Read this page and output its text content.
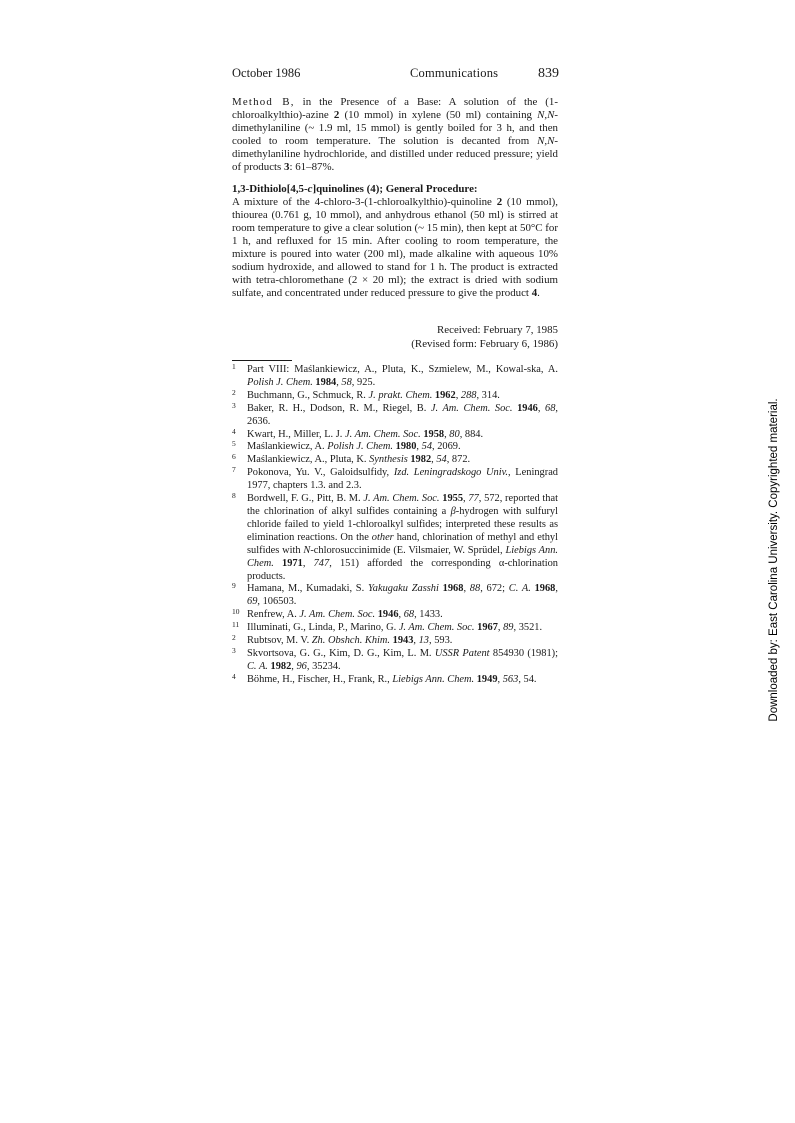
October 1986	Communications	839
Method B, in the Presence of a Base: A solution of the (1-chloroalkylthio)-azine 2 (10 mmol) in xylene (50 ml) containing N,N-dimethylaniline (~ 1.9 ml, 15 mmol) is gently boiled for 3 h, and then cooled to room temperature. The solution is decanted from N,N-dimethylaniline hydrochloride, and distilled under reduced pressure; yield of products 3: 61–87%.
1,3-Dithiolo[4,5-c]quinolines (4); General Procedure:
A mixture of the 4-chloro-3-(1-chloroalkylthio)-quinoline 2 (10 mmol), thiourea (0.761 g, 10 mmol), and anhydrous ethanol (50 ml) is stirred at room temperature to give a clear solution (~ 15 min), then kept at 50°C for 1 h, and refluxed for 15 min. After cooling to room temperature, the mixture is poured into water (200 ml), made alkaline with aqueous 10% sodium hydroxide, and allowed to stand for 1 h. The product is extracted with tetra-chloromethane (2 × 20 ml); the extract is dried with sodium sulfate, and concentrated under reduced pressure to give the product 4.
Received: February 7, 1985
(Revised form: February 6, 1986)

1	Part VIII: Maślankiewicz, A., Pluta, K., Szmielew, M., Kowal-ska, A. Polish J. Chem. 1984, 58, 925.

2	Buchmann, G., Schmuck, R. J. prakt. Chem. 1962, 288, 314.

3	Baker, R. H., Dodson, R. M., Riegel, B. J. Am. Chem. Soc. 1946, 68, 2636.

4	Kwart, H., Miller, L. J. J. Am. Chem. Soc. 1958, 80, 884.

5	Maślankiewicz, A. Polish J. Chem. 1980, 54, 2069.

6	Maślankiewicz, A., Pluta, K. Synthesis 1982, 54, 872.

7	Pokonova, Yu. V., Galoidsulfidy, Izd. Leningradskogo Univ., Leningrad 1977, chapters 1.3. and 2.3.

8	Bordwell, F. G., Pitt, B. M. J. Am. Chem. Soc. 1955, 77, 572, reported that the chlorination of alkyl sulfides containing a β-hydrogen with sulfuryl chloride failed to yield 1-chloroalkyl sulfides; interpreted these results as elimination reactions. On the other hand, chlorination of methyl and ethyl sulfides with N-chlorosuccinimide (E. Vilsmaier, W. Sprüdel, Liebigs Ann. Chem. 1971, 747, 151) afforded the corresponding α-chlorination products.

9	Hamana, M., Kumadaki, S. Yakugaku Zasshi 1968, 88, 672; C. A. 1968, 69, 106503.

10 Renfrew, A. J. Am. Chem. Soc. 1946, 68, 1433.

11 Illuminati, G., Linda, P., Marino, G. J. Am. Chem. Soc. 1967, 89, 3521.

2	Rubtsov, M. V. Zh. Obshch. Khim. 1943, 13, 593.

3	Skvortsova, G. G., Kim, D. G., Kim, L. M. USSR Patent 854930 (1981); C. A. 1982, 96, 35234.

4	Böhme, H., Fischer, H., Frank, R., Liebigs Ann. Chem. 1949, 563, 54.	Downloaded by: East Carolina University. Copyrighted material.
